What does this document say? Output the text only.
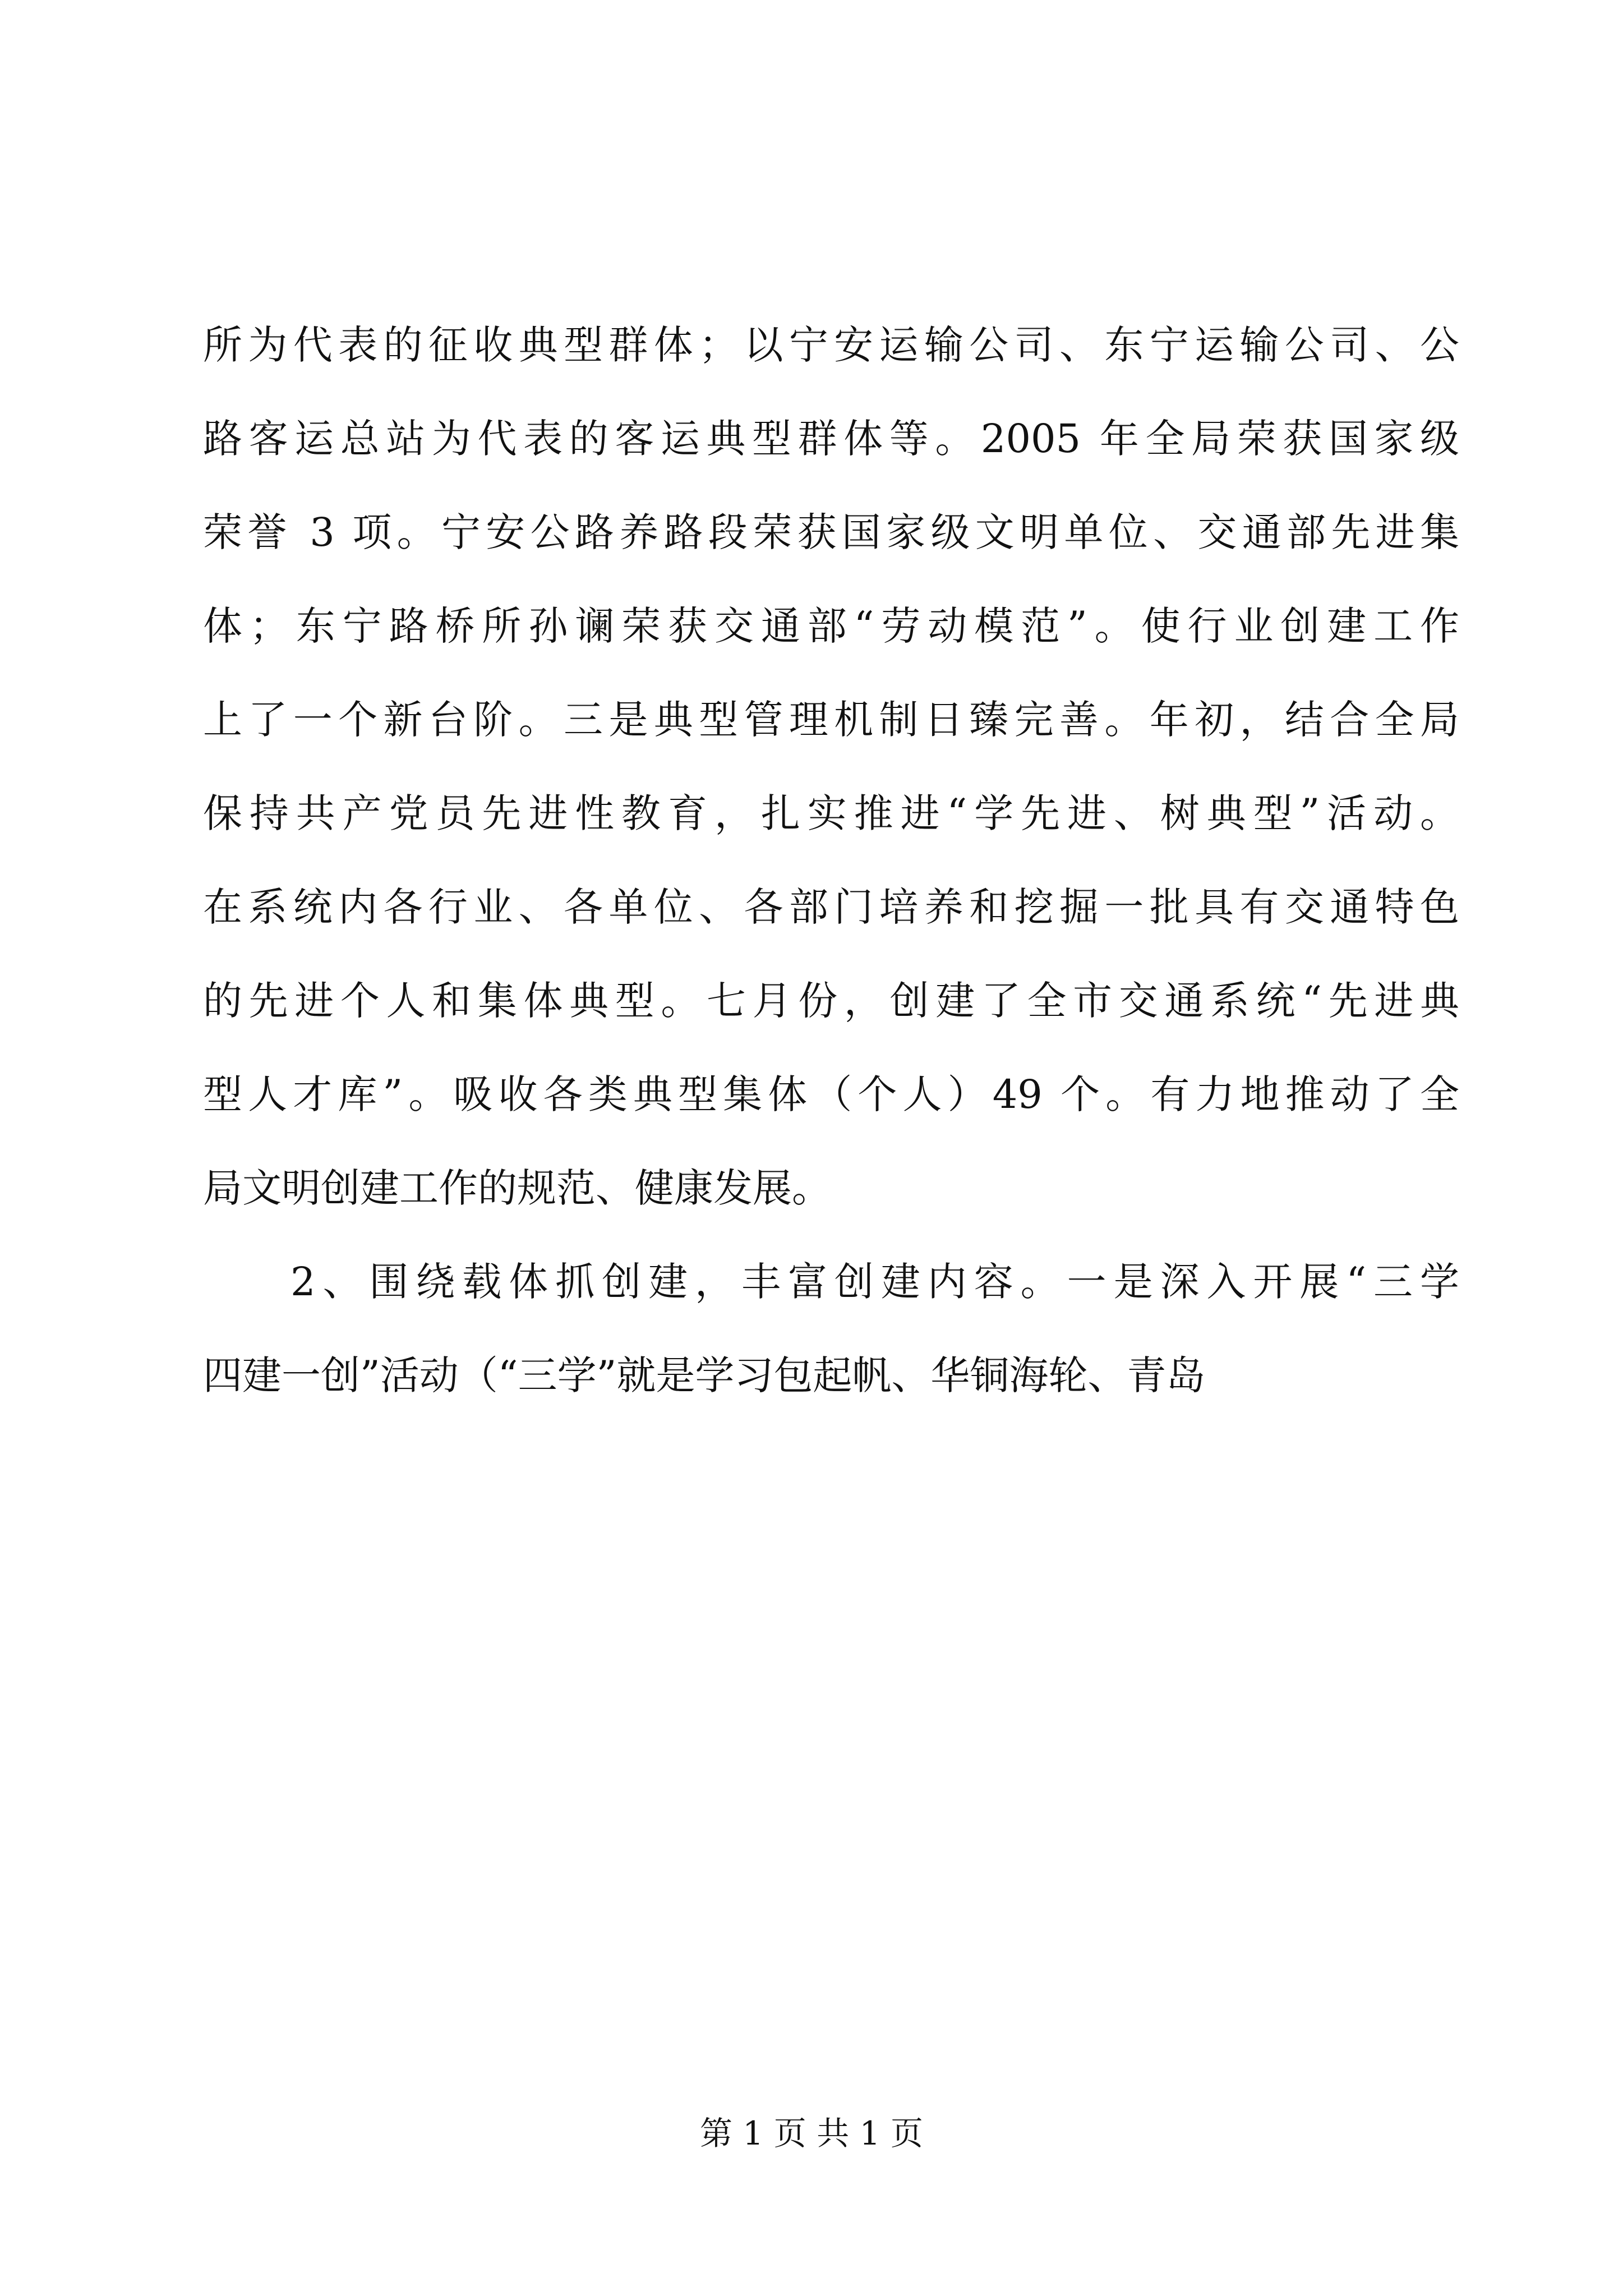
所为代表的征收典型群体；以宁安运输公司、东宁运输公司、公
路客运总站为代表的客运典型群体等。2005 年全局荣获国家级
荣誉 3 项。宁安公路养路段荣获国家级文明单位、交通部先进集
体；东宁路桥所孙谰荣获交通部“劳动模范”。使行业创建工作
上了一个新台阶。三是典型管理机制日臻完善。年初，结合全局
保持共产党员先进性教育，扎实推进“学先进、树典型”活动。
在系统内各行业、各单位、各部门培养和挖掘一批具有交通特色
的先进个人和集体典型。七月份，创建了全市交通系统“先进典
型人才库”。吸收各类典型集体（个人）49 个。有力地推动了全
局文明创建工作的规范、健康发展。
2、围绕载体抓创建，丰富创建内容。一是深入开展“三学
四建一创”活动（“三学”就是学习包起帆、华铜海轮、青岛
第 1 页 共 1 页
